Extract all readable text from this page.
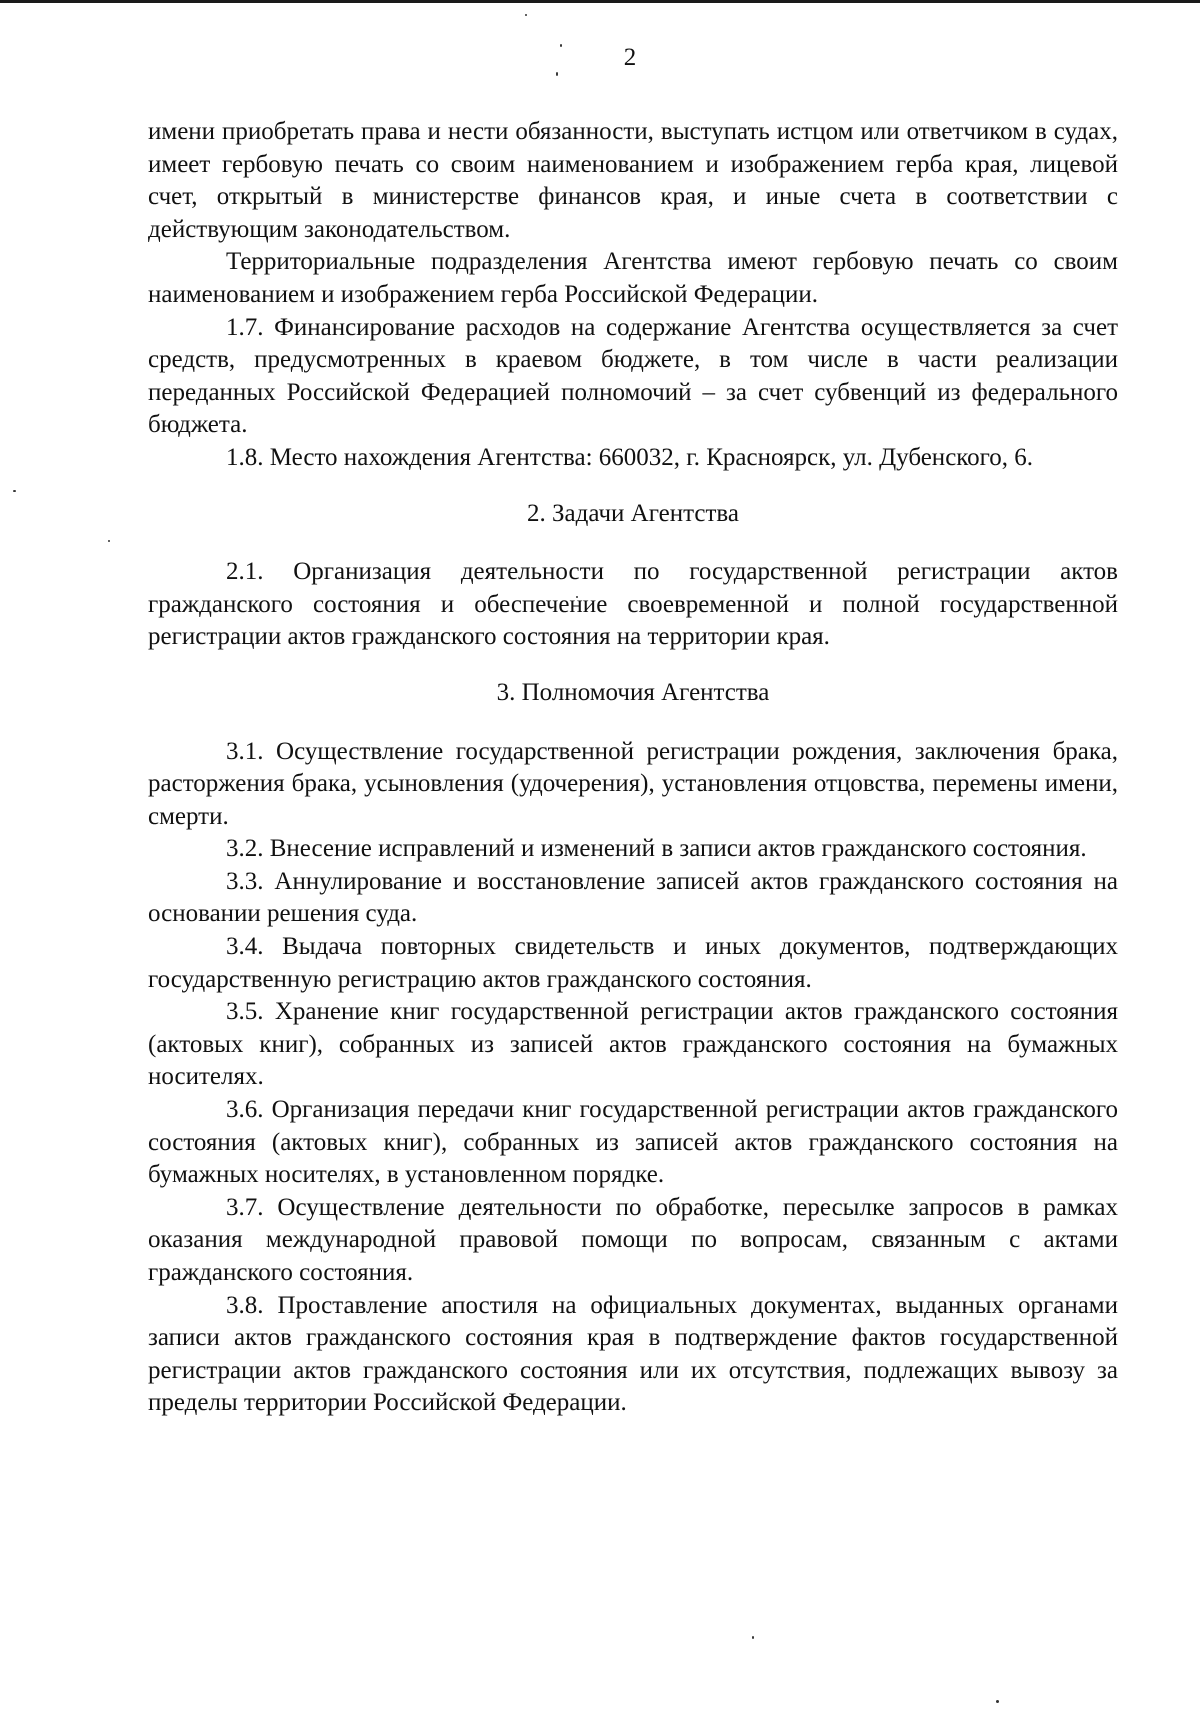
2

имени приобретать права и нести обязанности, выступать истцом или ответчиком в судах, имеет гербовую печать со своим наименованием и изображением герба края, лицевой счет, открытый в министерстве финансов края, и иные счета в соответствии с действующим законодательством.

Территориальные подразделения Агентства имеют гербовую печать со своим наименованием и изображением герба Российской Федерации.

1.7. Финансирование расходов на содержание Агентства осуществляется за счет средств, предусмотренных в краевом бюджете, в том числе в части реализации переданных Российской Федерацией полномочий – за счет субвенций из федерального бюджета.

1.8. Место нахождения Агентства: 660032, г. Красноярск, ул. Дубенского, 6.

2. Задачи Агентства

2.1. Организация деятельности по государственной регистрации актов гражданского состояния и обеспечение своевременной и полной государственной регистрации актов гражданского состояния на территории края.

3. Полномочия Агентства

3.1. Осуществление государственной регистрации рождения, заключения брака, расторжения брака, усыновления (удочерения), установления отцовства, перемены имени, смерти.

3.2. Внесение исправлений и изменений в записи актов гражданского состояния.

3.3. Аннулирование и восстановление записей актов гражданского состояния на основании решения суда.

3.4. Выдача повторных свидетельств и иных документов, подтверждающих государственную регистрацию актов гражданского состояния.

3.5. Хранение книг государственной регистрации актов гражданского состояния (актовых книг), собранных из записей актов гражданского состояния на бумажных носителях.

3.6. Организация передачи книг государственной регистрации актов гражданского состояния (актовых книг), собранных из записей актов гражданского состояния на бумажных носителях, в установленном порядке.

3.7. Осуществление деятельности по обработке, пересылке запросов в рамках оказания международной правовой помощи по вопросам, связанным с актами гражданского состояния.

3.8. Проставление апостиля на официальных документах, выданных органами записи актов гражданского состояния края в подтверждение фактов государственной регистрации актов гражданского состояния или их отсутствия, подлежащих вывозу за пределы территории Российской Федерации.
